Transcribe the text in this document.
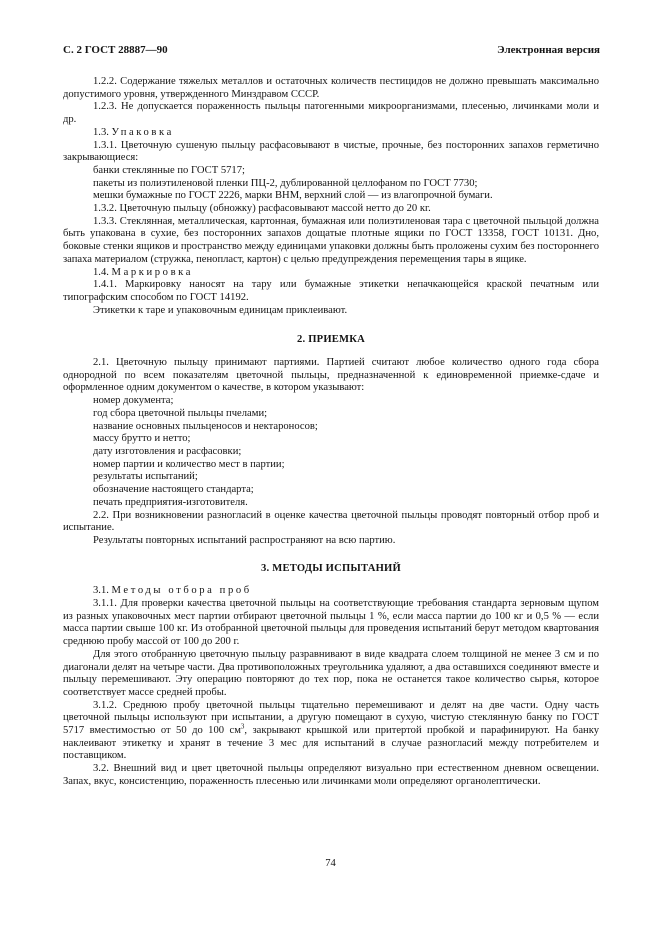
С. 2 ГОСТ 28887—90	Электронная версия

1.2.2. Содержание тяжелых металлов и остаточных количеств пестицидов не должно превышать максимально допустимого уровня, утвержденного Минздравом СССР.

1.2.3. Не допускается пораженность пыльцы патогенными микроорганизмами, плесенью, личинками моли и др.

1.3. Упаковка

1.3.1. Цветочную сушеную пыльцу расфасовывают в чистые, прочные, без посторонних запахов герметично закрывающиеся:

банки стеклянные по ГОСТ 5717;

пакеты из полиэтиленовой пленки ПЦ-2, дублированной целлофаном по ГОСТ 7730;

мешки бумажные по ГОСТ 2226, марки ВНМ, верхний слой — из влагопрочной бумаги.

1.3.2. Цветочную пыльцу (обножку) расфасовывают массой нетто до 20 кг.

1.3.3. Стеклянная, металлическая, картонная, бумажная или полиэтиленовая тара с цветочной пыльцой должна быть упакована в сухие, без посторонних запахов дощатые плотные ящики по ГОСТ 13358, ГОСТ 10131. Дно, боковые стенки ящиков и пространство между единицами упаковки должны быть проложены сухим без постороннего запаха материалом (стружка, пенопласт, картон) с целью предупреждения перемещения тары в ящике.

1.4. Маркировка

1.4.1. Маркировку наносят на тару или бумажные этикетки непачкающейся краской печатным или типографским способом по ГОСТ 14192.

Этикетки к таре и упаковочным единицам приклеивают.

2. ПРИЕМКА

2.1. Цветочную пыльцу принимают партиями. Партией считают любое количество одного года сбора однородной по всем показателям цветочной пыльцы, предназначенной к единовременной приемке-сдаче и оформленное одним документом о качестве, в котором указывают:

номер документа;

год сбора цветочной пыльцы пчелами;

название основных пыльценосов и нектароносов;

массу брутто и нетто;

дату изготовления и расфасовки;

номер партии и количество мест в партии;

результаты испытаний;

обозначение настоящего стандарта;

печать предприятия-изготовителя.

2.2. При возникновении разногласий в оценке качества цветочной пыльцы проводят повторный отбор проб и испытание.

Результаты повторных испытаний распространяют на всю партию.

3. МЕТОДЫ ИСПЫТАНИЙ

3.1. Методы отбора проб

3.1.1. Для проверки качества цветочной пыльцы на соответствующие требования стандарта зерновым щупом из разных упаковочных мест партии отбирают цветочной пыльцы 1 %, если масса партии до 100 кг и 0,5 % — если масса партии свыше 100 кг. Из отобранной цветочной пыльцы для проведения испытаний берут методом квартования среднюю пробу массой от 100 до 200 г.

Для этого отобранную цветочную пыльцу разравнивают в виде квадрата слоем толщиной не менее 3 см и по диагонали делят на четыре части. Два противоположных треугольника удаляют, а два оставшихся соединяют вместе и пыльцу перемешивают. Эту операцию повторяют до тех пор, пока не останется такое количество сырья, которое соответствует массе средней пробы.

3.1.2. Среднюю пробу цветочной пыльцы тщательно перемешивают и делят на две части. Одну часть цветочной пыльцы используют при испытании, а другую помещают в сухую, чистую стеклянную банку по ГОСТ 5717 вместимостью от 50 до 100 $см^3$, закрывают крышкой или притертой пробкой и парафинируют. На банку наклеивают этикетку и хранят в течение 3 мес для испытаний в случае разногласий между потребителем и поставщиком.

3.2. Внешний вид и цвет цветочной пыльцы определяют визуально при естественном дневном освещении. Запах, вкус, консистенцию, пораженность плесенью или личинками моли определяют органолептически.

74
